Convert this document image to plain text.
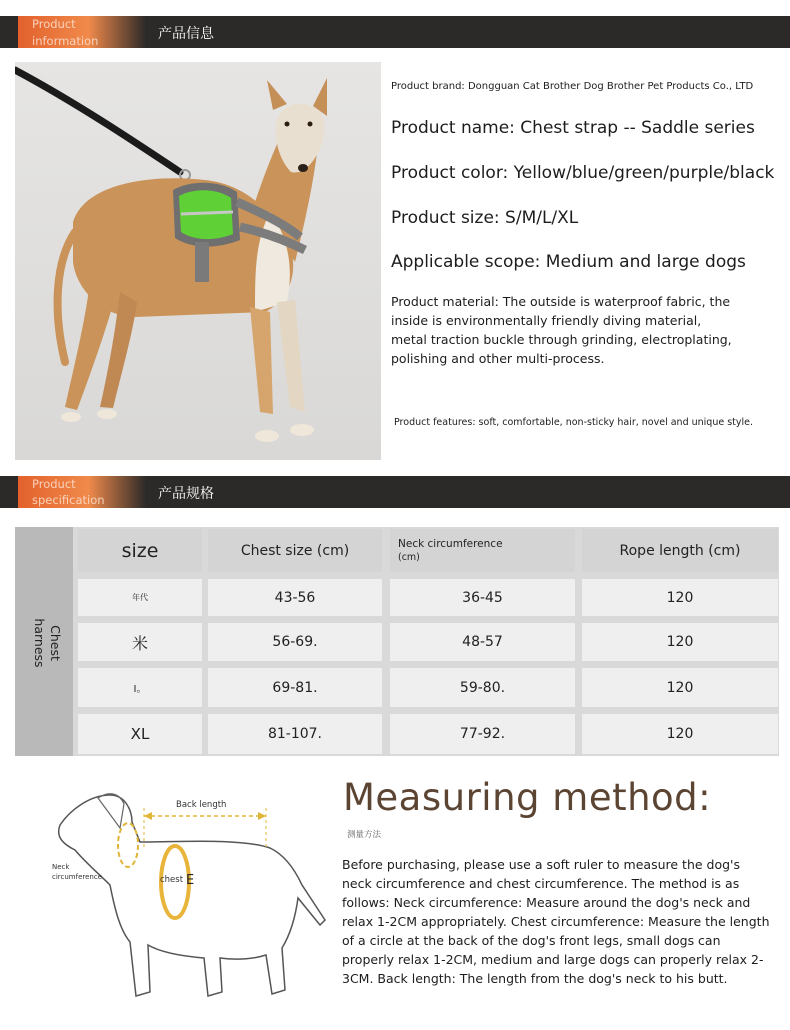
Product
information	产品信息
Product brand: Dongguan Cat Brother Dog Brother Pet Products Co., LTD
Product name: Chest strap -- Saddle series
Product color: Yellow/blue/green/purple/black
Product size: S/M/L/XL
Applicable scope: Medium and large dogs
Product material: The outside is waterproof fabric, the
inside is environmentally friendly diving material,
metal traction buckle through grinding, electroplating,
polishing and other multi-process.
Product features: soft, comfortable, non-sticky hair, novel and unique style.
Product
specification	产品规格
Chest
harness
size	Chest size (cm)	Neck circumference
(cm)	Rope length (cm)
年代	43-56	36-45	120
米	56-69.	48-57	120
I。	69-81.	59-80.	120
XL	81-107.	77-92.	120
Back length
Neck
circumference	chest E
Measuring method:
测量方法
Before purchasing, please use a soft ruler to measure the dog's neck circumference and chest circumference. The method is as follows: Neck circumference: Measure around the dog's neck and relax 1-2CM appropriately. Chest circumference: Measure the length of a circle at the back of the dog's front legs, small dogs can properly relax 1-2CM, medium and large dogs can properly relax 2-3CM. Back length: The length from the dog's neck to his butt.
